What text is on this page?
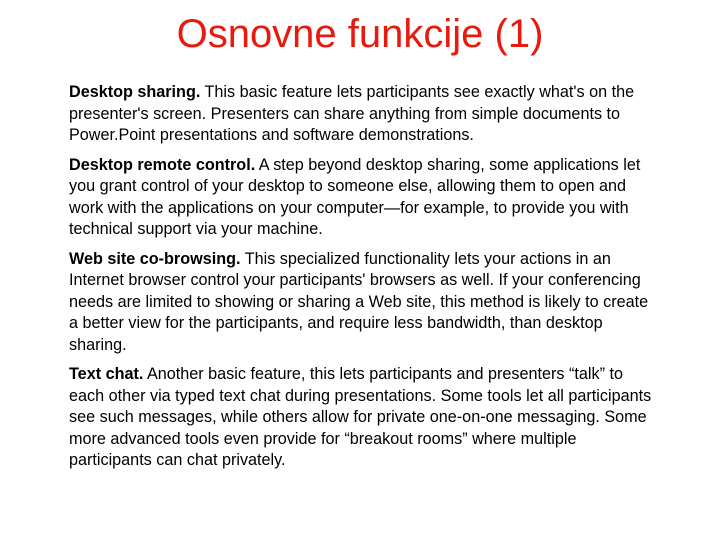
Osnovne funkcije (1)

Desktop sharing. This basic feature lets participants see exactly what's on the presenter's screen. Presenters can share anything from simple documents to Power.Point presentations and software demonstrations.

Desktop remote control. A step beyond desktop sharing, some applications let you grant control of your desktop to someone else, allowing them to open and work with the applications on your computer—for example, to provide you with technical support via your machine.

Web site co-browsing. This specialized functionality lets your actions in an Internet browser control your participants' browsers as well. If your conferencing needs are limited to showing or sharing a Web site, this method is likely to create a better view for the participants, and require less bandwidth, than desktop sharing.

Text chat. Another basic feature, this lets participants and presenters “talk” to each other via typed text chat during presentations. Some tools let all participants see such messages, while others allow for private one-on-one messaging. Some more advanced tools even provide for “breakout rooms” where multiple participants can chat privately.
